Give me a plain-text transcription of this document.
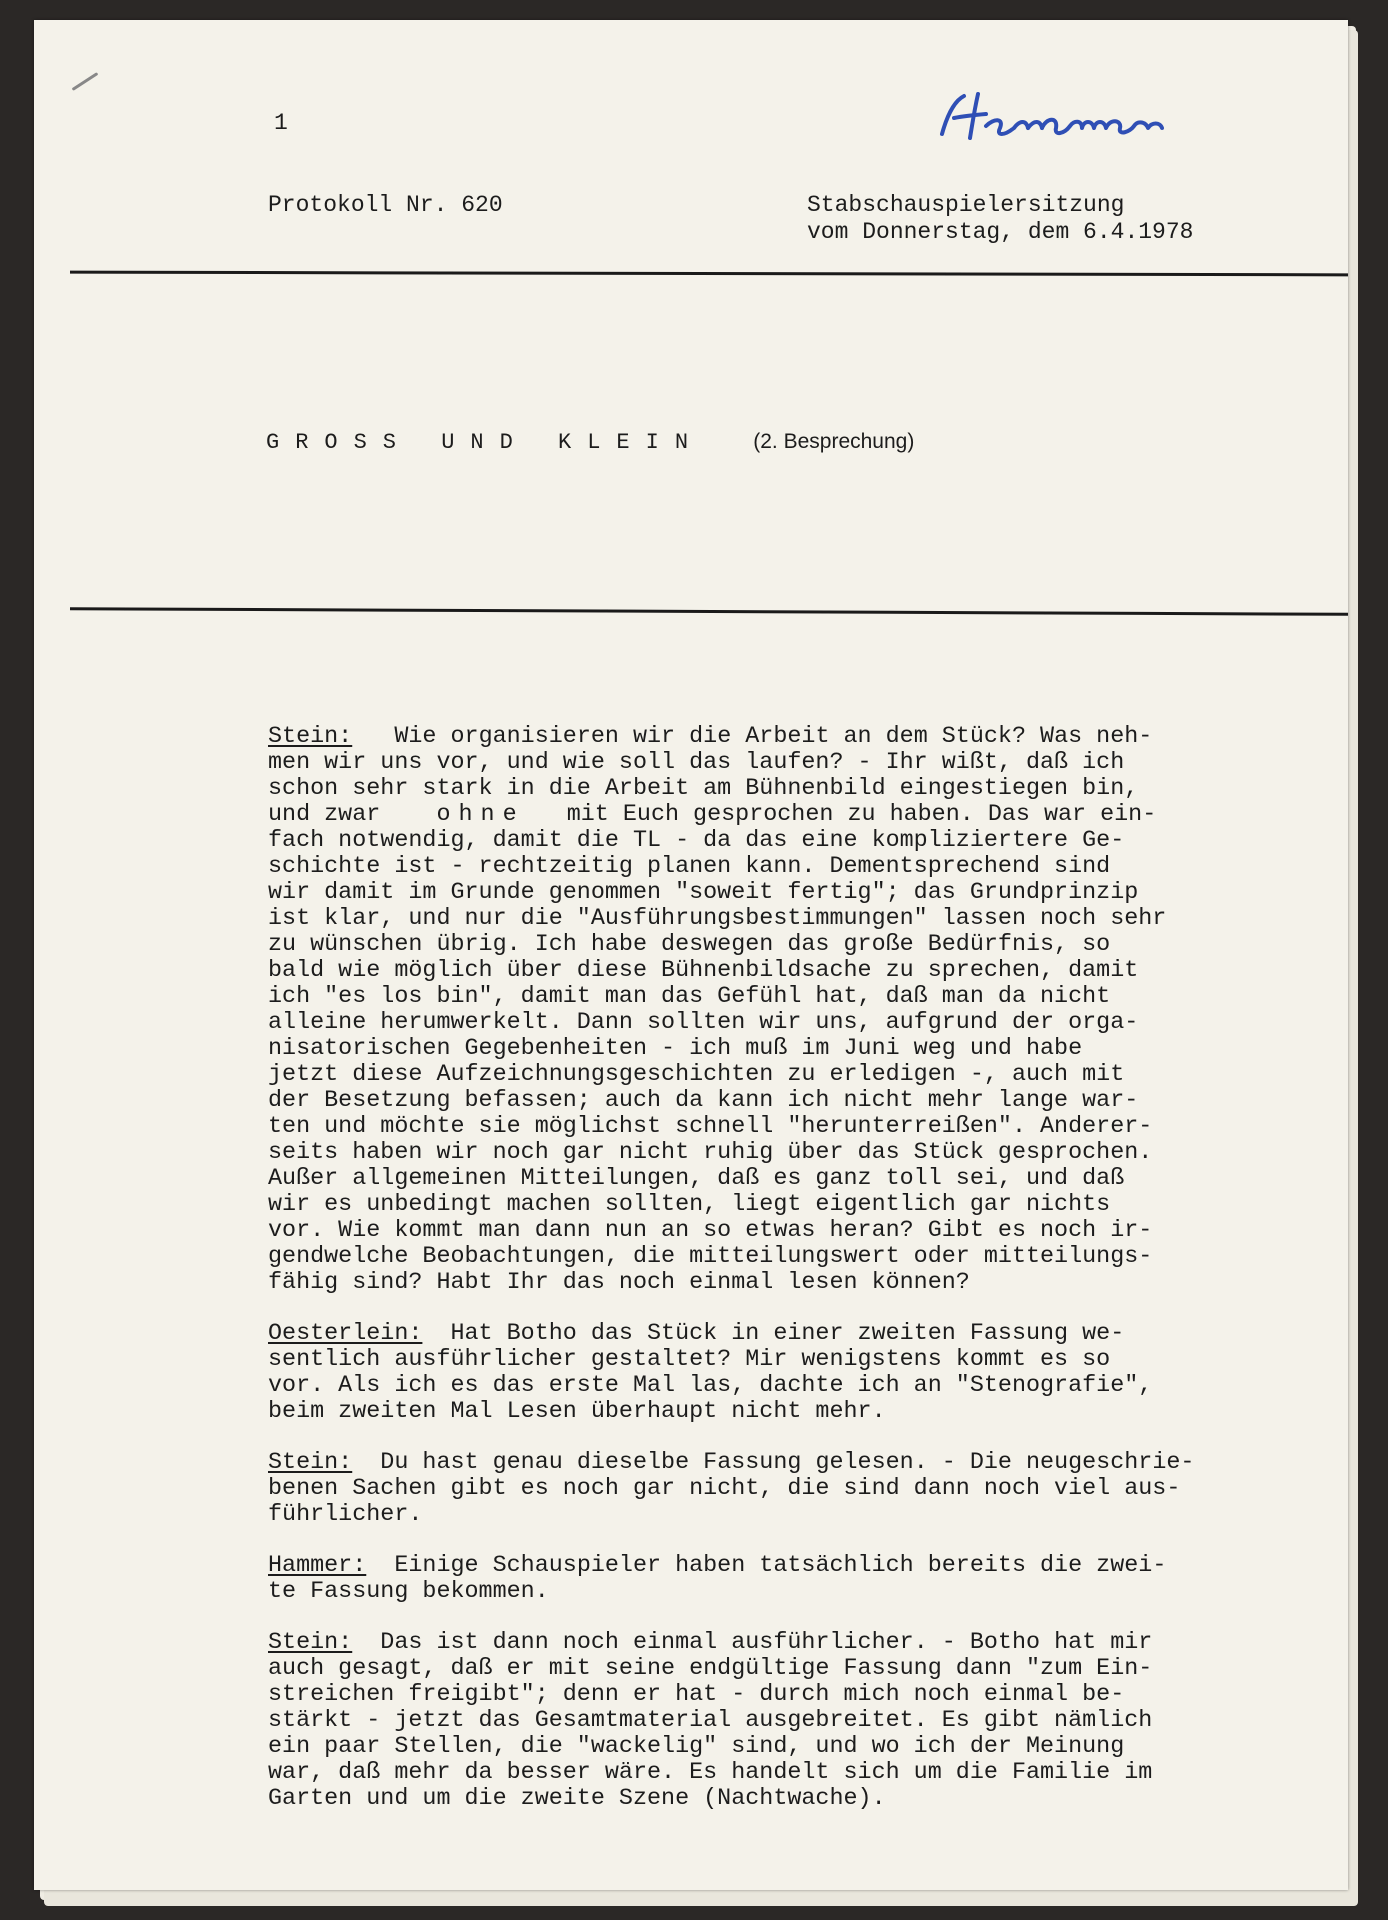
1
Protokoll Nr. 620	Stabschauspielersitzung
vom Donnerstag, dem 6.4.1978
GROSS UND KLEIN (2. Besprechung)
Stein:   Wie organisieren wir die Arbeit an dem Stück? Was neh-
men wir uns vor, und wie soll das laufen? - Ihr wißt, daß ich
schon sehr stark in die Arbeit am Bühnenbild eingestiegen bin,
und zwar    ohne   mit Euch gesprochen zu haben. Das war ein-
fach notwendig, damit die TL - da das eine kompliziertere Ge-
schichte ist - rechtzeitig planen kann. Dementsprechend sind
wir damit im Grunde genommen "soweit fertig"; das Grundprinzip
ist klar, und nur die "Ausführungsbestimmungen" lassen noch sehr
zu wünschen übrig. Ich habe deswegen das große Bedürfnis, so
bald wie möglich über diese Bühnenbildsache zu sprechen, damit
ich "es los bin", damit man das Gefühl hat, daß man da nicht
alleine herumwerkelt. Dann sollten wir uns, aufgrund der orga-
nisatorischen Gegebenheiten - ich muß im Juni weg und habe
jetzt diese Aufzeichnungsgeschichten zu erledigen -, auch mit
der Besetzung befassen; auch da kann ich nicht mehr lange war-
ten und möchte sie möglichst schnell "herunterreißen". Anderer-
seits haben wir noch gar nicht ruhig über das Stück gesprochen.
Außer allgemeinen Mitteilungen, daß es ganz toll sei, und daß
wir es unbedingt machen sollten, liegt eigentlich gar nichts
vor. Wie kommt man dann nun an so etwas heran? Gibt es noch ir-
gendwelche Beobachtungen, die mitteilungswert oder mitteilungs-
fähig sind? Habt Ihr das noch einmal lesen können?
Oesterlein:  Hat Botho das Stück in einer zweiten Fassung we-
sentlich ausführlicher gestaltet? Mir wenigstens kommt es so
vor. Als ich es das erste Mal las, dachte ich an "Stenografie",
beim zweiten Mal Lesen überhaupt nicht mehr.
Stein:  Du hast genau dieselbe Fassung gelesen. - Die neugeschrie-
benen Sachen gibt es noch gar nicht, die sind dann noch viel aus-
führlicher.
Hammer:  Einige Schauspieler haben tatsächlich bereits die zwei-
te Fassung bekommen.
Stein:  Das ist dann noch einmal ausführlicher. - Botho hat mir
auch gesagt, daß er mit seine endgültige Fassung dann "zum Ein-
streichen freigibt"; denn er hat - durch mich noch einmal be-
stärkt - jetzt das Gesamtmaterial ausgebreitet. Es gibt nämlich
ein paar Stellen, die "wackelig" sind, und wo ich der Meinung
war, daß mehr da besser wäre. Es handelt sich um die Familie im
Garten und um die zweite Szene (Nachtwache).
